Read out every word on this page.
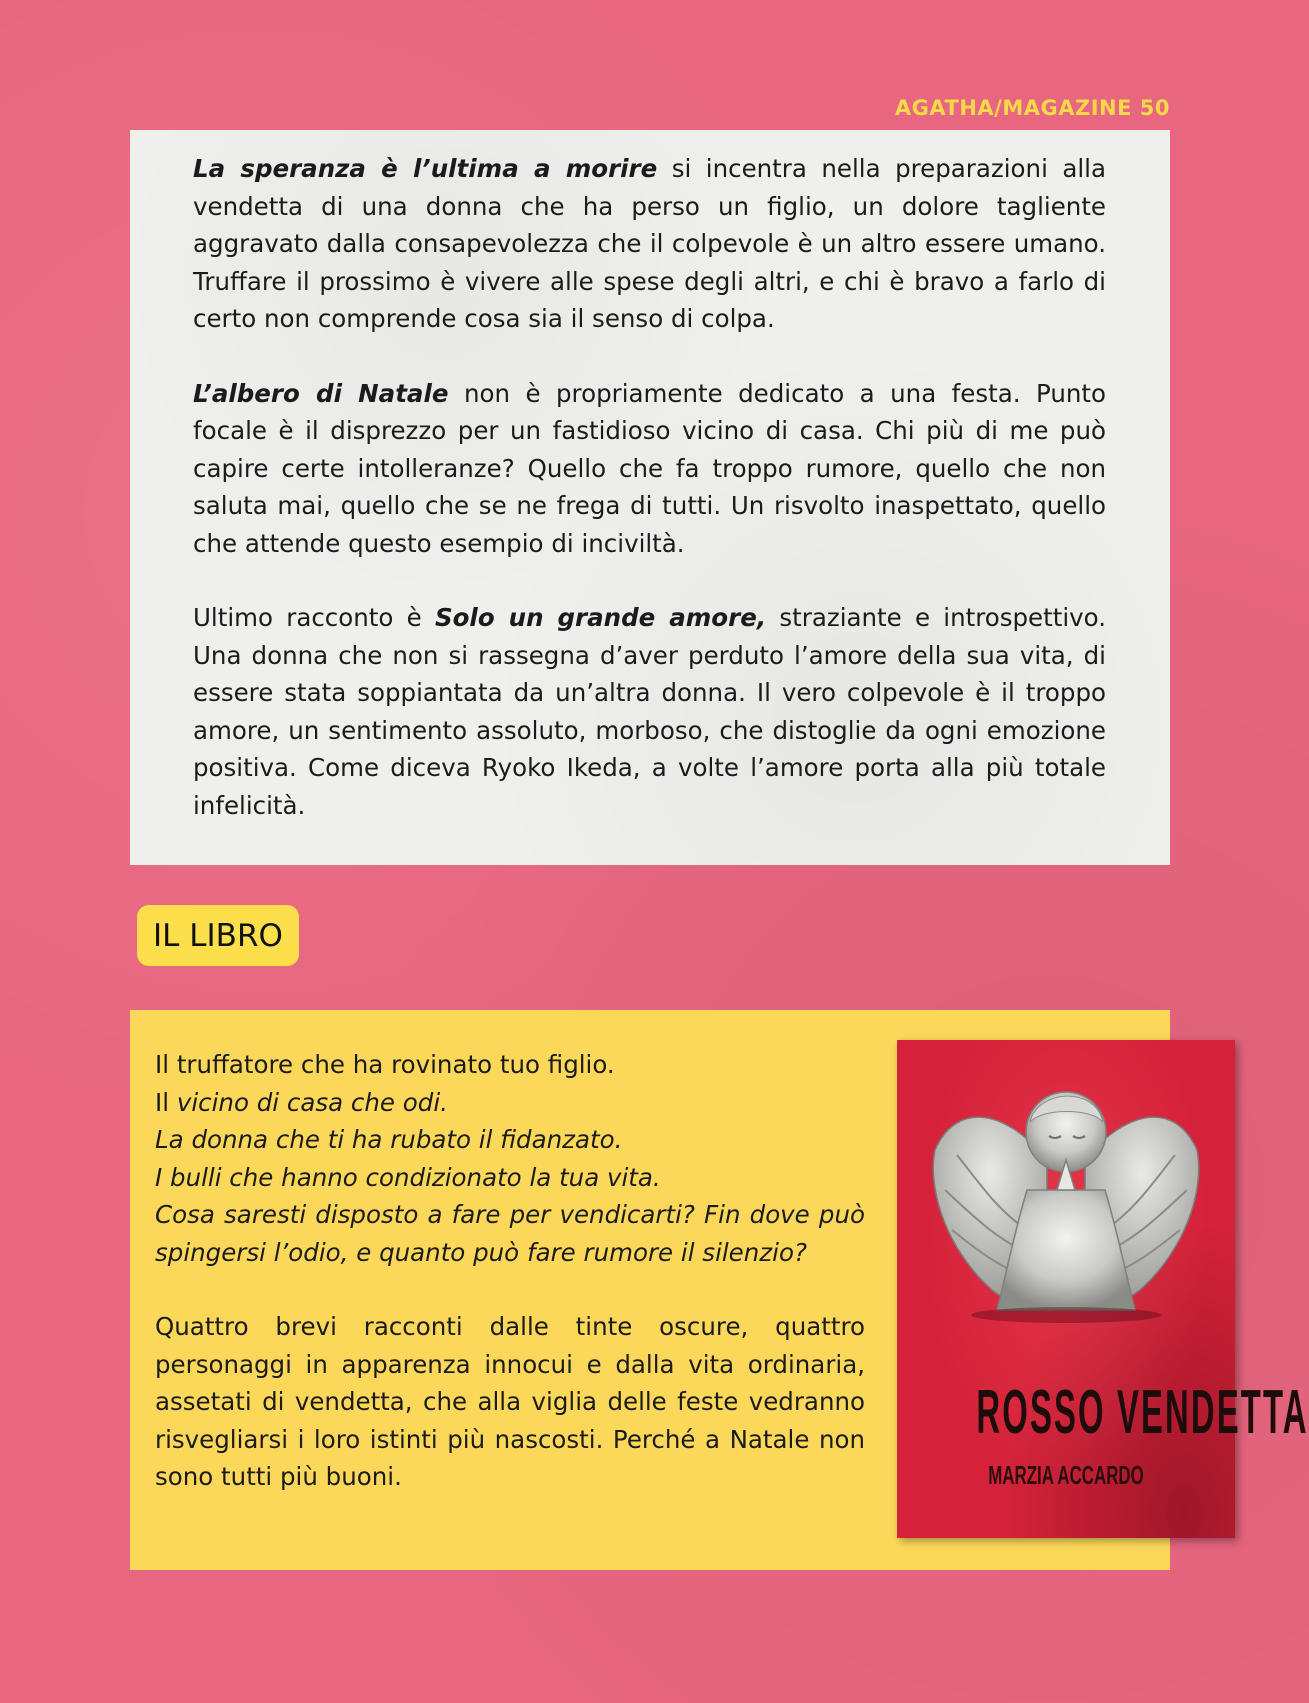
AGATHA/MAGAZINE 50

La speranza è l’ultima a morire si incentra nella preparazioni alla vendetta di una donna che ha perso un figlio, un dolore tagliente aggravato dalla consapevolezza che il colpevole è un altro essere umano. Truffare il prossimo è vivere alle spese degli altri, e chi è bravo a farlo di certo non comprende cosa sia il senso di colpa.

L’albero di Natale non è propriamente dedicato a una festa. Punto focale è il disprezzo per un fastidioso vicino di casa. Chi più di me può capire certe intolleranze? Quello che fa troppo rumore, quello che non saluta mai, quello che se ne frega di tutti. Un risvolto inaspettato, quello che attende questo esempio di inciviltà.

Ultimo racconto è Solo un grande amore, straziante e introspettivo. Una donna che non si rassegna d’aver perduto l’amore della sua vita, di essere stata soppiantata da un’altra donna. Il vero colpevole è il troppo amore, un sentimento assoluto, morboso, che distoglie da ogni emozione positiva. Come diceva Ryoko Ikeda, a volte l’amore porta alla più totale infelicità.

IL LIBRO

Il truffatore che ha rovinato tuo figlio.
Il vicino di casa che odi.
La donna che ti ha rubato il fidanzato.
I bulli che hanno condizionato la tua vita.
Cosa saresti disposto a fare per vendicarti? Fin dove può spingersi l’odio, e quanto può fare rumore il silenzio?

Quattro brevi racconti dalle tinte oscure, quattro personaggi in apparenza innocui e dalla vita ordinaria, assetati di vendetta, che alla viglia delle feste vedranno risvegliarsi i loro istinti più nascosti. Perché a Natale non sono tutti più buoni.

ROSSO VENDETTA
MARZIA ACCARDO
